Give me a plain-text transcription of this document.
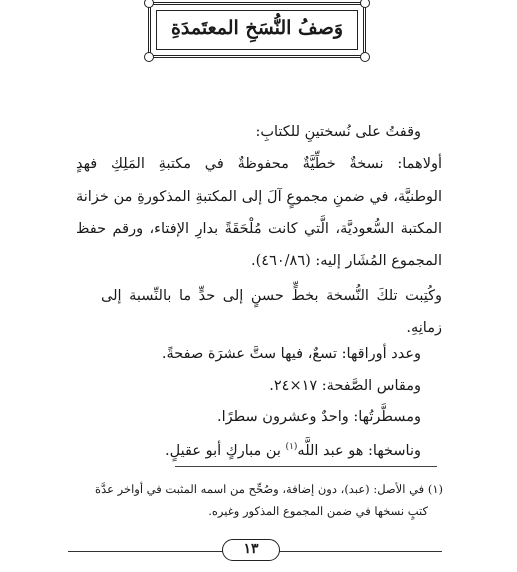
وَصفُ النُّسَخِ المعتَمدَةِ
وقفتُ على نُسختينِ للكتابِ:
أولاهما: نسخةٌ خطِّيَّةٌ محفوظةٌ في مكتبةِ المَلِكِ فهدٍ
الوطنيَّة، في ضمنِ مجموعٍ آلَ إلى المكتبةِ المذكورةِ من خزانة
المكتبة السُّعوديَّة، الَّتي كانت مُلْحَقَةً بدارِ الإفتاء، ورقم حفظ
المجموع المُشَار إليه: (٤٦٠/٨٦).
وكُتِبت تلكَ النُّسخة بخطٍّ حسنٍ إلى حدٍّ ما بالنِّسبة إلى
زمانِهِ.
وعدد أوراقها: تسعٌ، فيها ستَّ عشرَة صفحةً.
ومقاس الصَّفحة: ١٧×٢٤.
ومسطَّرتُها: واحدٌ وعشرون سطرًا.
وناسخها: هو عبد اللَّه$^{(١)}$ بن مباركٍ أبو عقيلٍ.
(١) في الأصل: (عبد)، دون إضافة، وصُحِّح من اسمه المثبت في أواخر عدَّة
كتبٍ نسخها في ضمن المجموع المذكور وغيره.
١٣
